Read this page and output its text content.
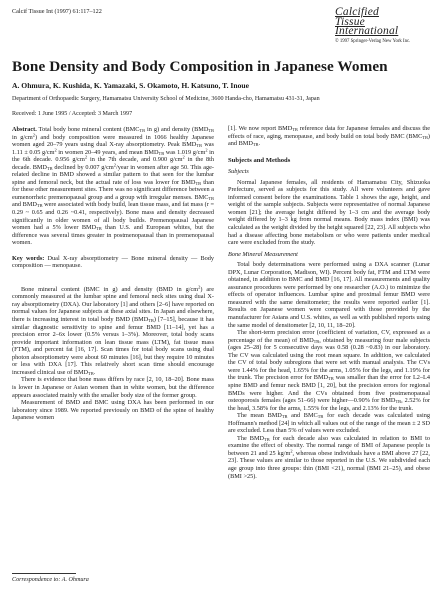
Calcif Tissue Int (1997) 61:117–122	Calcified
Tissue
International
© 1997 Springer-Verlag New York Inc.
Bone Density and Body Composition in Japanese Women
A. Ohmura, K. Kushida, K. Yamazaki, S. Okamoto, H. Katsuno, T. Inoue
Department of Orthopaedic Surgery, Hamamatsu University School of Medicine, 3600 Handa-cho, Hamamatsu 431-31, Japan
Received: 1 June 1995 / Accepted: 3 March 1997

Abstract. Total body bone mineral content ($BMC_{TB}$ in g) and density ($BMD_{TB}$ in $g/cm^2$) and body composition were measured in 1066 healthy Japanese women aged 20–79 years using dual X-ray absorptiometry. Peak $BMD_{TB}$ was 1.11 ± 0.05 $g/cm^2$ in women 20–49 years, and mean $BMD_{TB}$ was 1.019 $g/cm^2$ in the 6th decade. 0.956 $g/cm^2$ in the 7th decade, and 0.900 $g/cm^2$ in the 8th decade. $BMD_{TB}$ declined by 0.007 $g/cm^2$/year in women after age 50. This age-related decline in BMD showed a similar pattern to that seen for the lumbar spine and femoral neck, but the actual rate of loss was lower for $BMD_{TB}$ than for these other measurement sites. There was no significant difference between a eumenorrheic premenopausal group and a group with irregular menses. $BMC_{TB}$ and $BMD_{TB}$ were associated with body build, lean tissue mass, and fat mass (r = 0.29 ~ 0.65 and 0.26 ~0.41, respectively). Bone mass and density decreased significantly in older women of all body builds. Premenopausal Japanese women had a 5% lower $BMD_{TB}$ than U.S. and European whites, but the difference was several times greater in postmenopausal than in premenopausal women.

Key words: Dual X-ray absorptiometry — Bone mineral density — Body composition — menopause.

Bone mineral content (BMC in g) and density (BMD in $g/cm^2$) are commonly measured at the lumbar spine and femoral neck sites using dual X-ray absorptiometry (DXA). Our laboratory [1] and others [2–6] have reported on normal values for Japanese subjects at these axial sites. In Japan and elsewhere, there is increasing interest in total body BMD $(BMD_{TB})$ [7–15], because it has similar diagnostic sensitivity to spine and femur BMD [11–14], yet has a precision error 2–6x lower (0.5% versus 1–3%). Moreover, total body scans provide important information on lean tissue mass (LTM), fat tissue mass (FTM), and percent fat [16, 17]. Scan times for total body scans using dual photon absorptiometry were about 60 minutes [16], but they require 10 minutes or less with DXA [17]. This relatively short scan time should encourage increased clinical use of $BMD_{TB}$.

There is evidence that bone mass differs by race [2, 10, 18–20]. Bone mass is lower in Japanese or Asian women than in white women, but the difference appears associated mainly with the smaller body size of the former group.

Measurement of BMD and BMC using DXA has been performed in our laboratory since 1989. We reported previously on BMD of the spine of healthy Japanese women

[1]. We now report $BMD_{TB}$ reference data for Japanese females and discuss the effects of race, aging, menopause, and body build on total body BMC $(BMC_{TB})$ and $BMD_{TB}$.

Subjects and Methods

Subjects

Normal Japanese females, all residents of Hamamatsu City, Shizuoka Prefecture, served as subjects for this study. All were volunteers and gave informed consent before the examinations. Table 1 shows the age, height, and weight of the sample subjects. Subjects were representative of normal Japanese women [21]; the average height differed by 1–3 cm and the average body weight differed by 1–3 kg from normal means. Body mass index (BMI) was calculated as the weight divided by the height squared [22, 23]. All subjects who had a disease affecting bone metabolism or who were patients under medical care were excluded from the study.

Bone Mineral Measurement

Total body determinations were performed using a DXA scanner (Lunar DPX, Lunar Corporation, Madison, WI). Percent body fat, FTM and LTM were obtained, in addition to BMC and BMD [16, 17]. All measurements and quality assurance procedures were performed by one researcher (A.O.) to minimize the effects of operator influences. Lumbar spine and proximal femur BMD were measured with the same densitometer; the results were reported earlier [1]. Results on Japanese women were compared with those provided by the manufacturer for Asians and U.S. whites, as well as with published reports using the same model of densitometer [2, 10, 11, 18–20].

The short-term precision error (coefficient of variation, CV, expressed as a percentage of the mean) of $BMD_{TB}$, obtained by measuring four male subjects (ages 25–28) for 5 consecutive days was 0.58 (0.28 ~0.83) in our laboratory. The CV was calculated using the root mean square. In addition, we calculated the CV of total body subregions that were set with manual analysis. The CVs were 1.44% for the head, 1.65% for the arms, 1.05% for the legs, and 1.19% for the trunk. The precision error for $BMD_{TB}$ was smaller than the error for L2–L4 spine BMD and femur neck BMD [1, 20], but the precision errors for regional BMDs were higher. And the CVs obtained from five postmenopausal osteoporosis females (ages 51–66) were higher—0.90% for $BMD_{TB}$, 2.52% for the head, 3.58% for the arms, 1.55% for the legs, and 2.13% for the trunk.

The mean $BMD_{TB}$ and $BMC_{TB}$ for each decade was calculated using Hoffmann's method [24] in which all values out of the range of the mean ± 2 SD are excluded. Less than 5% of values were excluded.

The $BMD_{TB}$ for each decade also was calculated in relation to BMI to examine the effect of obesity. The normal range of BMI of Japanese people is between 21 and 25 $kg/m^2$, whereas obese individuals have a BMI above 27 [22, 23]. These values are similar to those reported in the U.S. We subdivided each age group into three groups: thin (BMI <21), normal (BMI 21–25), and obese (BMI >25).

Correspondence to: A. Ohmura
